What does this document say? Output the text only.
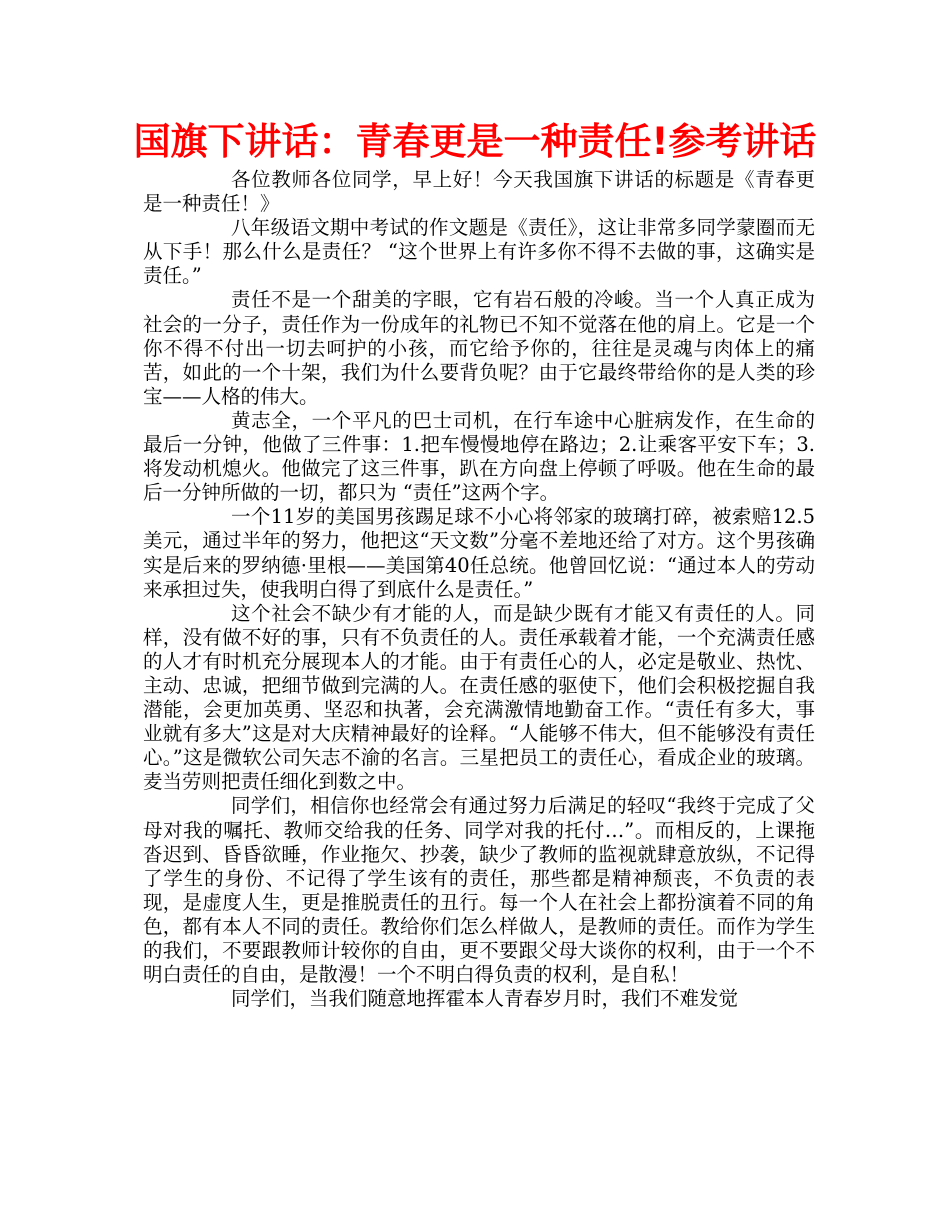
国旗下讲话：青春更是一种责任!参考讲话

各位教师各位同学，早上好！今天我国旗下讲话的标题是《青春更是一种责任！》

八年级语文期中考试的作文题是《责任》，这让非常多同学蒙圈而无从下手！那么什么是责任？ “这个世界上有许多你不得不去做的事，这确实是责任。”

责任不是一个甜美的字眼，它有岩石般的冷峻。当一个人真正成为社会的一分子，责任作为一份成年的礼物已不知不觉落在他的肩上。它是一个你不得不付出一切去呵护的小孩，而它给予你的，往往是灵魂与肉体上的痛苦，如此的一个十架，我们为什么要背负呢？由于它最终带给你的是人类的珍宝——人格的伟大。

黄志全，一个平凡的巴士司机，在行车途中心脏病发作，在生命的最后一分钟，他做了三件事：1.把车慢慢地停在路边；2.让乘客平安下车；3.将发动机熄火。他做完了这三件事，趴在方向盘上停顿了呼吸。他在生命的最后一分钟所做的一切，都只为 “责任”这两个字。

一个11岁的美国男孩踢足球不小心将邻家的玻璃打碎，被索赔12.5美元，通过半年的努力，他把这“天文数”分毫不差地还给了对方。这个男孩确实是后来的罗纳德·里根——美国第40任总统。他曾回忆说：“通过本人的劳动来承担过失，使我明白得了到底什么是责任。”

这个社会不缺少有才能的人，而是缺少既有才能又有责任的人。同样，没有做不好的事，只有不负责任的人。责任承载着才能，一个充满责任感的人才有时机充分展现本人的才能。由于有责任心的人，必定是敬业、热忱、主动、忠诚，把细节做到完满的人。在责任感的驱使下，他们会积极挖掘自我潜能，会更加英勇、坚忍和执著，会充满激情地勤奋工作。“责任有多大，事业就有多大”这是对大庆精神最好的诠释。“人能够不伟大，但不能够没有责任心。”这是微软公司矢志不渝的名言。三星把员工的责任心，看成企业的玻璃。麦当劳则把责任细化到数之中。

同学们，相信你也经常会有通过努力后满足的轻叹“我终于完成了父母对我的嘱托、教师交给我的任务、同学对我的托付…”。而相反的，上课拖沓迟到、昏昏欲睡，作业拖欠、抄袭，缺少了教师的监视就肆意放纵，不记得了学生的身份、不记得了学生该有的责任，那些都是精神颓丧，不负责的表现，是虚度人生，更是推脱责任的丑行。每一个人在社会上都扮演着不同的角色，都有本人不同的责任。教给你们怎么样做人，是教师的责任。而作为学生的我们，不要跟教师计较你的自由，更不要跟父母大谈你的权利，由于一个不明白责任的自由，是散漫！一个不明白得负责的权利，是自私！

同学们，当我们随意地挥霍本人青春岁月时，我们不难发觉
